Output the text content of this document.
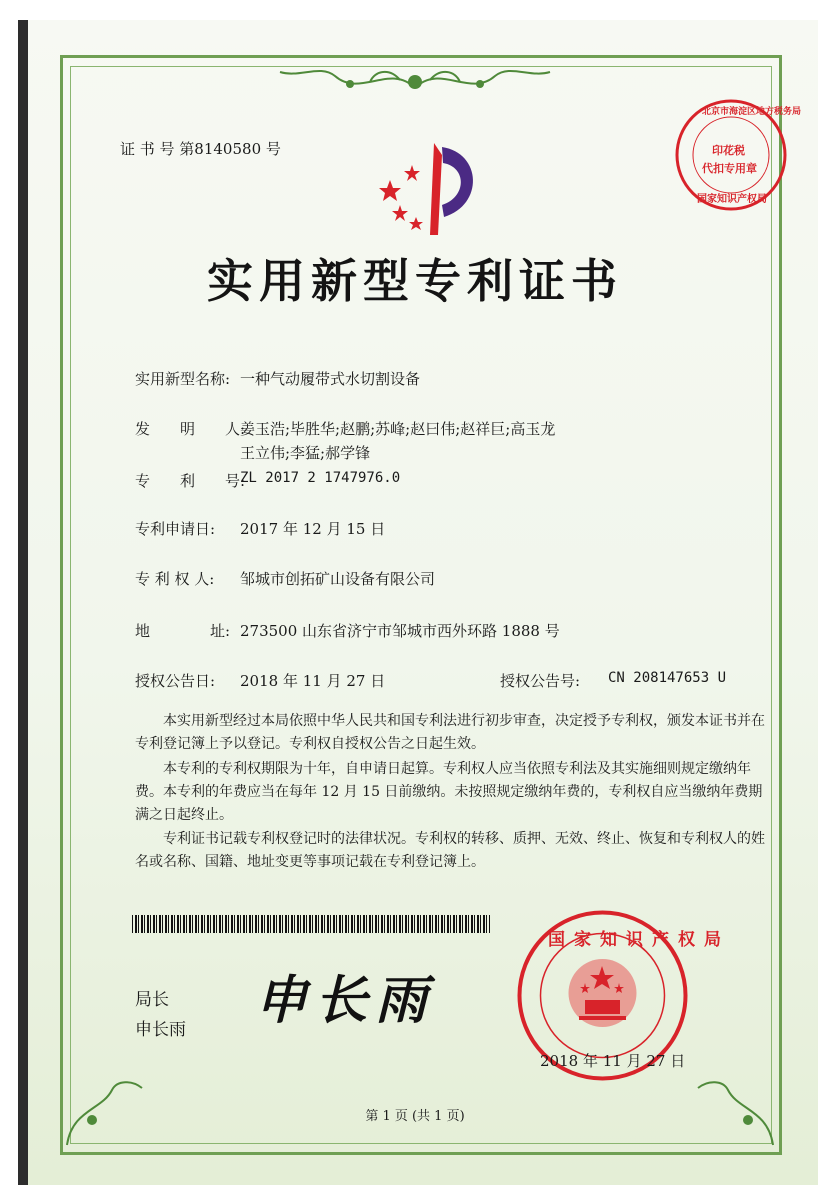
证 书 号 第8140580 号
北京市海淀区地方税务局
印花税
代扣专用章
国家知识产权局
实用新型专利证书
实用新型名称: 一种气动履带式水切割设备
发　　明　　人:
姜玉浩;毕胜华;赵鹏;苏峰;赵曰伟;赵祥巨;高玉龙
王立伟;李猛;郝学锋
专　　利　　号:
ZL 2017 2 1747976.0
专利申请日: 2017 年 12 月 15 日
专 利 权 人: 邹城市创拓矿山设备有限公司
地　　　　址: 273500 山东省济宁市邹城市西外环路 1888 号
授权公告日: 2018 年 11 月 27 日	授权公告号: CN 208147653 U
本实用新型经过本局依照中华人民共和国专利法进行初步审查，决定授予专利权，颁发本证书并在专利登记簿上予以登记。专利权自授权公告之日起生效。
本专利的专利权期限为十年，自申请日起算。专利权人应当依照专利法及其实施细则规定缴纳年费。本专利的年费应当在每年 12 月 15 日前缴纳。未按照规定缴纳年费的，专利权自应当缴纳年费期满之日起终止。
专利证书记载专利权登记时的法律状况。专利权的转移、质押、无效、终止、恢复和专利权人的姓名或名称、国籍、地址变更等事项记载在专利登记簿上。
局长
申长雨 申长雨
国家知识产权局
2018 年 11 月 27 日
第 1 页 (共 1 页)
